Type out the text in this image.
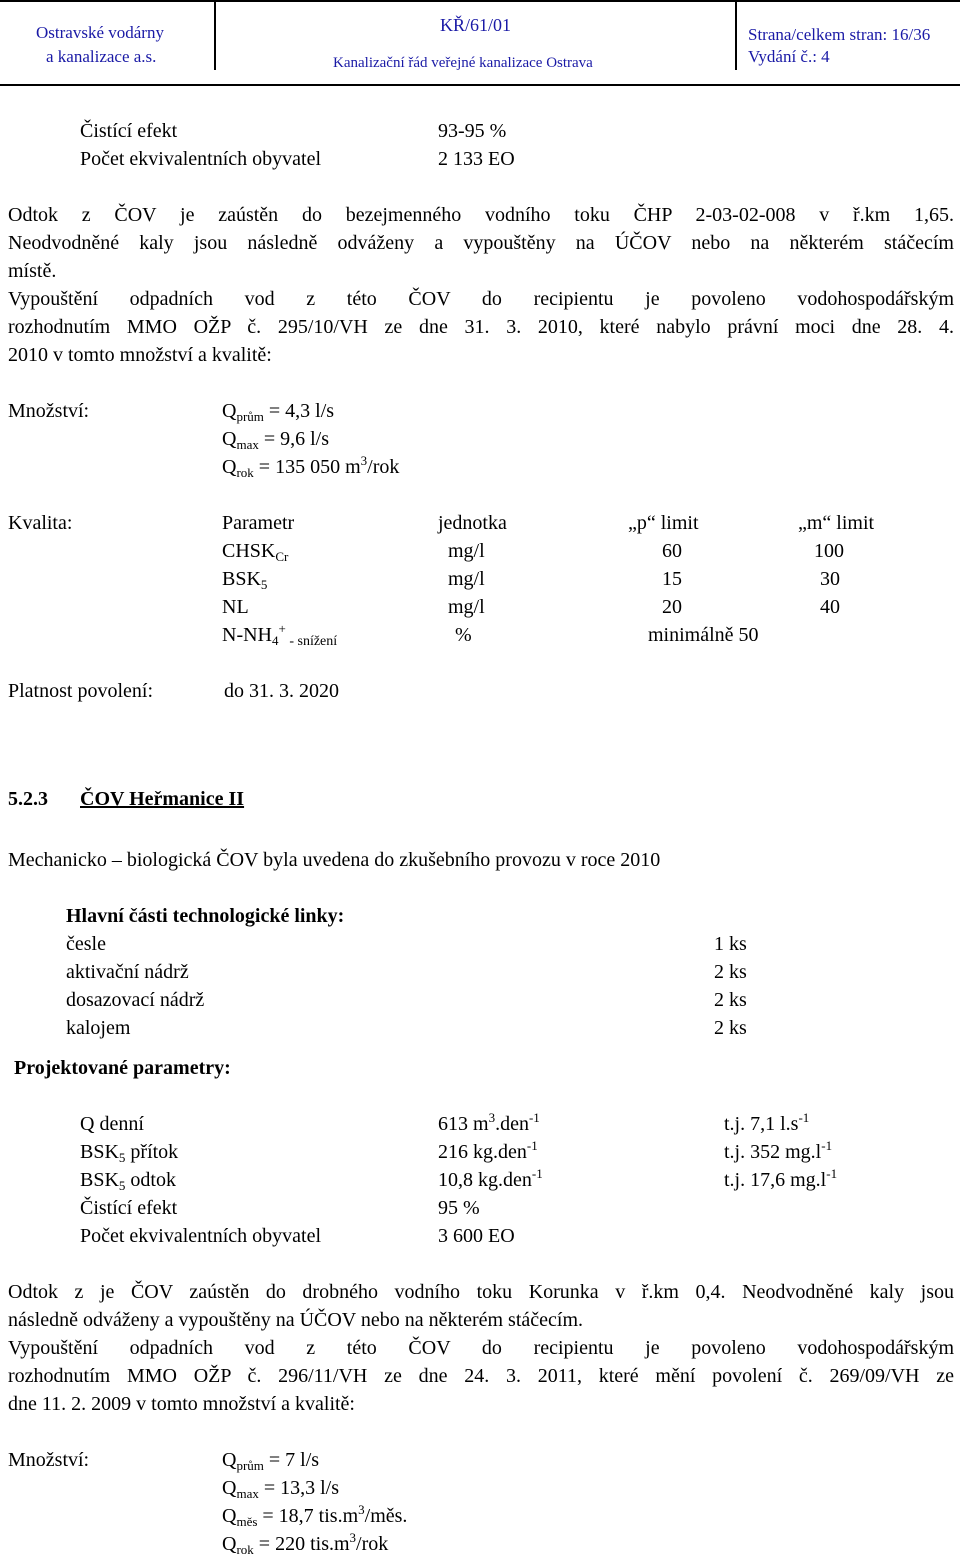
Ostravské vodárny
a kanalizace a.s.
KŘ/61/01
Kanalizační řád veřejné kanalizace Ostrava
Strana/celkem stran: 16/36
Vydání č.: 4
Čistící efekt	93-95 %
Počet ekvivalentních obyvatel	2 133 EO
Odtok z ČOV je zaústěn do bezejmenného vodního toku ČHP 2-03-02-008 v ř.km 1,65.
Neodvodněné kaly jsou následně odváženy a vypouštěny na ÚČOV nebo na některém stáčecím
místě.
Vypouštění odpadních vod z této ČOV do recipientu je povoleno vodohospodářským
rozhodnutím MMO OŽP č. 295/10/VH ze dne 31. 3. 2010, které nabylo právní moci dne 28. 4.
2010 v tomto množství a kvalitě:
Množství:	$Q_{prům} = 4,3$ l/s
$Q_{max} = 9,6$ l/s
$Q_{rok} = 135$ 050 $m^3$/rok
Kvalita:	Parametr	jednotka	„p“ limit	„m“ limit
$CHSK_{Cr}$	mg/l	60	100
$BSK_5$	mg/l	15	30
NL	mg/l	20	40
$N-NH_4^+$ $_{- snížení}$	%	minimálně 50
Platnost povolení:	do 31. 3. 2020
5.2.3 ČOV Heřmanice II
Mechanicko – biologická ČOV byla uvedena do zkušebního provozu v roce 2010
Hlavní části technologické linky:
česle	1 ks
aktivační nádrž	2 ks
dosazovací nádrž	2 ks
kalojem	2 ks
Projektované parametry:
Q denní	613 $m^3.den^{-1}$	t.j. 7,1 $l.s^{-1}$
$BSK_5$ přítok	216 kg.den$^{-1}$	t.j. 352 $mg.l^{-1}$
$BSK_5$ odtok	10,8 kg.den$^{-1}$	t.j. 17,6 $mg.l^{-1}$
Čistící efekt	95 %
Počet ekvivalentních obyvatel	3 600 EO
Odtok z je ČOV zaústěn do drobného vodního toku Korunka v ř.km 0,4. Neodvodněné kaly jsou
následně odváženy a vypouštěny na ÚČOV nebo na některém stáčecím.
Vypouštění odpadních vod z této ČOV do recipientu je povoleno vodohospodářským
rozhodnutím MMO OŽP č. 296/11/VH ze dne 24. 3. 2011, které mění povolení č. 269/09/VH ze
dne 11. 2. 2009 v tomto množství a kvalitě:
Množství:	$Q_{prům} = 7$ l/s
$Q_{max} = 13,3$ l/s
$Q_{měs} = 18,7$ $tis.m^3$/měs.
$Q_{rok} = 220$ $tis.m^3$/rok
